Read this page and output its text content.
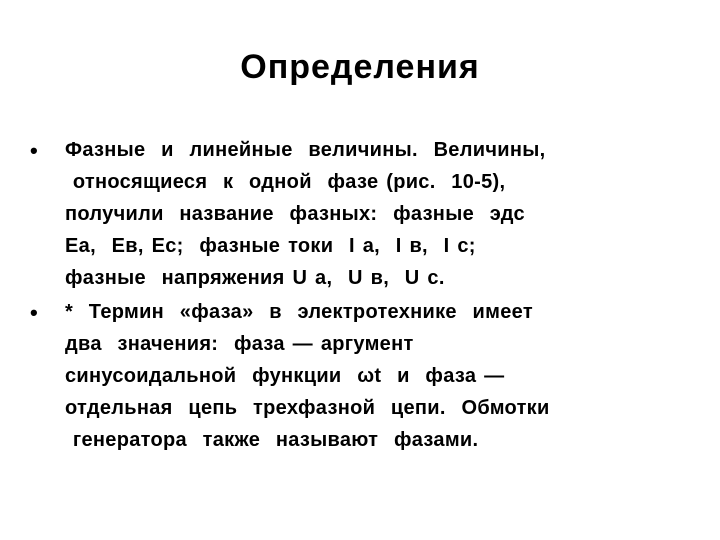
Определения
• Фазные  и  линейные  величины.  Величины,
относящиеся  к  одной  фазе (рис.  10-5),
получили  название  фазных:  фазные  эдс
Еа,  Ев, Ес;  фазные токи  I а,  I в,  I с;
фазные  напряжения U а,  U в,  U с.
• *  Термин  «фаза»  в  электротехнике  имеет
два  значения:  фаза — аргумент
синусоидальной  функции  ωt  и  фаза —
отдельная  цепь  трехфазной  цепи.  Обмотки
генератора  также  называют  фазами.
